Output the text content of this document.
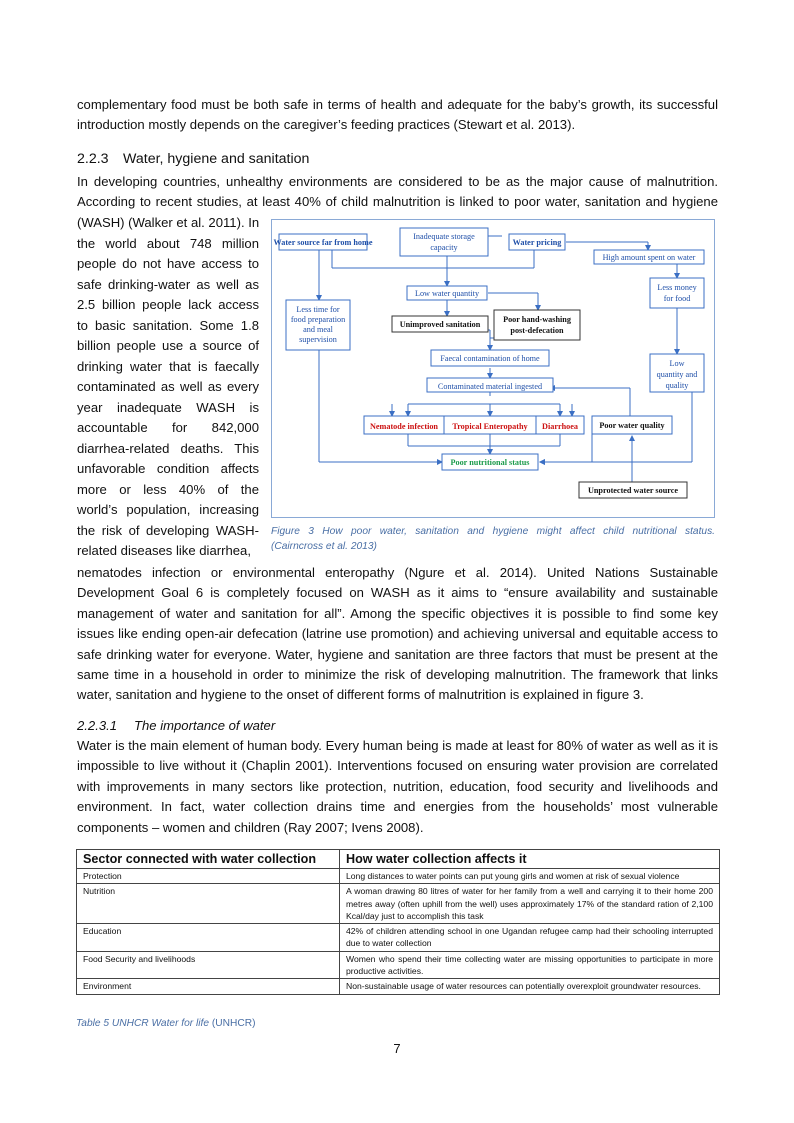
complementary food must be both safe in terms of health and adequate for the baby’s growth, its successful introduction mostly depends on the caregiver’s feeding practices (Stewart et al. 2013).

2.2.3 Water, hygiene and sanitation
In developing countries, unhealthy environments are considered to be as the major cause of malnutrition.
According to recent studies, at least 40% of child malnutrition is linked to poor water, sanitation and hygiene
(WASH) (Walker et al. 2011). In
the world about 748 million
people do not have access to
safe drinking-water as well as
2.5 billion people lack access
to basic sanitation. Some 1.8
billion people use a source of
drinking water that is faecally
contaminated as well as every
year inadequate WASH is
accountable for 842,000
diarrhea-related deaths. This
unfavorable condition affects
more or less 40% of the
world’s population, increasing
the risk of developing WASH-
related diseases like diarrhea,
Water source far from home
Inadequate storage
capacity
Water pricing
High amount spent on water
Less money
for food
Low water quantity
Less time for
food preparation
and meal
supervision
Unimproved sanitation
Poor hand-washing
post-defecation
Faecal contamination of home
Contaminated material ingested
Low
quantity and
quality
Nematode infection Tropical Enteropathy Diarrhoea	Poor water quality
Poor nutritional status
Unprotected water source

Figure 3 How poor water, sanitation and hygiene might affect child nutritional status.

(Cairncross et al. 2013)

nematodes infection or environmental enteropathy (Ngure et al. 2014). United Nations Sustainable Development Goal 6 is completely focused on WASH as it aims to “ensure availability and sustainable management of water and sanitation for all”. Among the specific objectives it is possible to find some key issues like ending open-air defecation (latrine use promotion) and achieving universal and equitable access to safe drinking water for everyone. Water, hygiene and sanitation are three factors that must be present at the same time in a household in order to minimize the risk of developing malnutrition. The framework that links water, sanitation and hygiene to the onset of different forms of malnutrition is explained in figure 3.

2.2.3.1 The importance of water

Water is the main element of human body. Every human being is made at least for 80% of water as well as it is impossible to live without it (Chaplin 2001). Interventions focused on ensuring water provision are correlated with improvements in many sectors like protection, nutrition, education, food security and livelihoods and environment. In fact, water collection drains time and energies from the households’ most vulnerable components – women and children (Ray 2007; Ivens 2008).

Sector connected with water collection	How water collection affects it
Protection	Long distances to water points can put young girls and women at risk of sexual violence
Nutrition	A woman drawing 80 litres of water for her family from a well and carrying it to their home 200 metres away (often uphill from the well) uses approximately 17% of the standard ration of 2,100 Kcal/day just to accomplish this task
Education	42% of children attending school in one Ugandan refugee camp had their schooling interrupted due to water collection
Food Security and livelihoods	Women who spend their time collecting water are missing opportunities to participate in more productive activities.
Environment	Non-sustainable usage of water resources can potentially overexploit groundwater resources.
Table 5 UNHCR Water for life (UNHCR)
7
